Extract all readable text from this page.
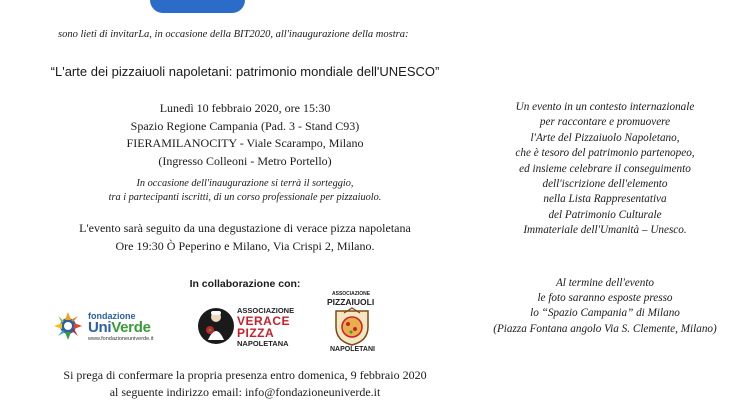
sono lieti di invitarLa, in occasione della BIT2020, all'inaugurazione della mostra:
“L'arte dei pizzaiuoli napoletani: patrimonio mondiale dell'UNESCO”
Lunedì 10 febbraio 2020, ore 15:30
Spazio Regione Campania (Pad. 3 - Stand C93)
FIERAMILANOCITY - Viale Scarampo, Milano
(Ingresso Colleoni - Metro Portello)
In occasione dell'inaugurazione si terrà il sorteggio,
tra i partecipanti iscritti, di un corso professionale per pizzaiuolo.
L'evento sarà seguito da una degustazione di verace pizza napoletana
Ore 19:30 Ò Peperino e Milano, Via Crispi 2, Milano.
In collaborazione con:
fondazione
UniVerde
www.fondazioneuniverde.it
ASSOCIAZIONE
VERACE
PIZZA
NAPOLETANA
ASSOCIAZIONE
PIZZAIUOLI
NAPOLETANI
Si prega di confermare la propria presenza entro domenica, 9 febbraio 2020
al seguente indirizzo email: info@fondazioneuniverde.it
Un evento in un contesto internazionale
per raccontare e promuovere
l'Arte del Pizzaiuolo Napoletano,
che è tesoro del patrimonio partenopeo,
ed insieme celebrare il conseguimento
dell'iscrizione dell'elemento
nella Lista Rappresentativa
del Patrimonio Culturale
Immateriale dell'Umanità – Unesco.
Al termine dell'evento
le foto saranno esposte presso
lo “Spazio Campania” di Milano
(Piazza Fontana angolo Via S. Clemente, Milano)
